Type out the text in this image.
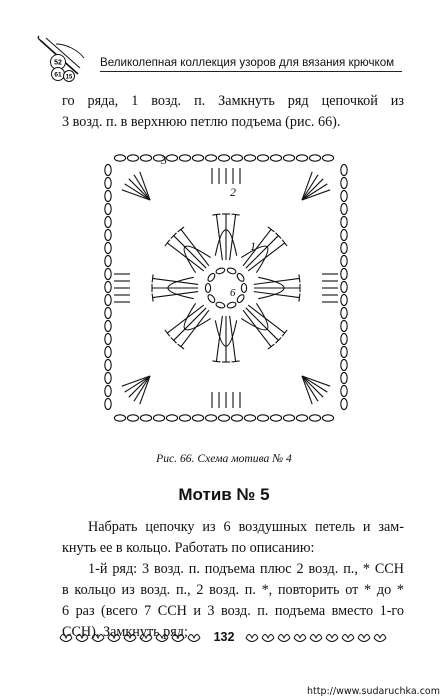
52
61 15
Великолепная коллекция узоров для вязания крючком
го ряда, 1 возд. п. Замкнуть ряд цепочкой из
3 возд. п. в верхнюю петлю подъема (рис. 66).
1
2
3
6
Рис. 66. Схема мотива № 4
Мотив № 5
Набрать цепочку из 6 воздушных петель и зам-
кнуть ее в кольцо. Работать по описанию:
1-й ряд: 3 возд. п. подъема плюс 2 возд. п., * ССН
в кольцо из возд. п., 2 возд. п. *, повторить от * до *
6 раз (всего 7 ССН и 3 возд. п. подъема вместо 1-го
ССН). Замкнуть ряд;	132
http://www.sudaruchka.com
